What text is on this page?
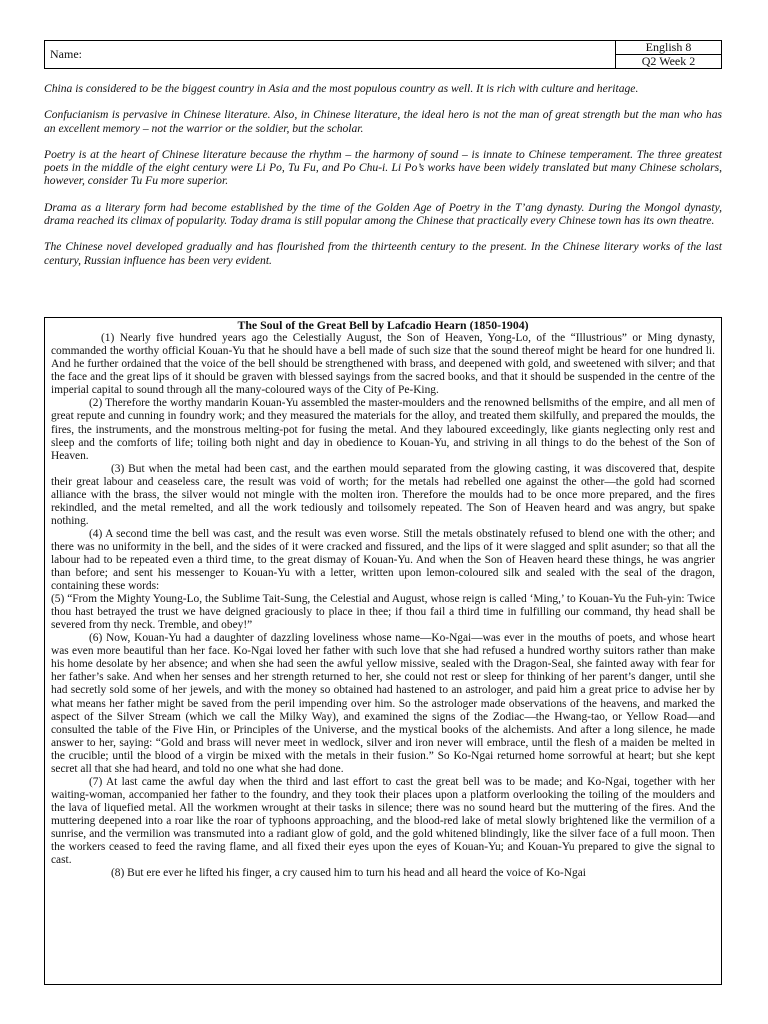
Name:	English 8
Q2 Week 2

China is considered to be the biggest country in Asia and the most populous country as well. It is rich with culture and heritage.

Confucianism is pervasive in Chinese literature. Also, in Chinese literature, the ideal hero is not the man of great strength but the man who has an excellent memory – not the warrior or the soldier, but the scholar.

Poetry is at the heart of Chinese literature because the rhythm – the harmony of sound – is innate to Chinese temperament. The three greatest poets in the middle of the eight century were Li Po, Tu Fu, and Po Chu-i. Li Po’s works have been widely translated but many Chinese scholars, however, consider Tu Fu more superior.

Drama as a literary form had become established by the time of the Golden Age of Poetry in the T’ang dynasty. During the Mongol dynasty, drama reached its climax of popularity. Today drama is still popular among the Chinese that practically every Chinese town has its own theatre.

The Chinese novel developed gradually and has flourished from the thirteenth century to the present. In the Chinese literary works of the last century, Russian influence has been very evident.

The Soul of the Great Bell by Lafcadio Hearn (1850-1904)

(1) Nearly five hundred years ago the Celestially August, the Son of Heaven, Yong-Lo, of the “Illustrious” or Ming dynasty, commanded the worthy official Kouan-Yu that he should have a bell made of such size that the sound thereof might be heard for one hundred li. And he further ordained that the voice of the bell should be strengthened with brass, and deepened with gold, and sweetened with silver; and that the face and the great lips of it should be graven with blessed sayings from the sacred books, and that it should be suspended in the centre of the imperial capital to sound through all the many-coloured ways of the City of Pe-King.

(2) Therefore the worthy mandarin Kouan-Yu assembled the master-moulders and the renowned bellsmiths of the empire, and all men of great repute and cunning in foundry work; and they measured the materials for the alloy, and treated them skilfully, and prepared the moulds, the fires, the instruments, and the monstrous melting-pot for fusing the metal. And they laboured exceedingly, like giants neglecting only rest and sleep and the comforts of life; toiling both night and day in obedience to Kouan-Yu, and striving in all things to do the behest of the Son of Heaven.

(3) But when the metal had been cast, and the earthen mould separated from the glowing casting, it was discovered that, despite their great labour and ceaseless care, the result was void of worth; for the metals had rebelled one against the other—the gold had scorned alliance with the brass, the silver would not mingle with the molten iron. Therefore the moulds had to be once more prepared, and the fires rekindled, and the metal remelted, and all the work tediously and toilsomely repeated. The Son of Heaven heard and was angry, but spake nothing.

(4) A second time the bell was cast, and the result was even worse. Still the metals obstinately refused to blend one with the other; and there was no uniformity in the bell, and the sides of it were cracked and fissured, and the lips of it were slagged and split asunder; so that all the labour had to be repeated even a third time, to the great dismay of Kouan-Yu. And when the Son of Heaven heard these things, he was angrier than before; and sent his messenger to Kouan-Yu with a letter, written upon lemon-coloured silk and sealed with the seal of the dragon, containing these words:

(5) “From the Mighty Young-Lo, the Sublime Tait-Sung, the Celestial and August, whose reign is called ‘Ming,’ to Kouan-Yu the Fuh-yin: Twice thou hast betrayed the trust we have deigned graciously to place in thee; if thou fail a third time in fulfilling our command, thy head shall be severed from thy neck. Tremble, and obey!”

(6) Now, Kouan-Yu had a daughter of dazzling loveliness whose name—Ko-Ngai—was ever in the mouths of poets, and whose heart was even more beautiful than her face. Ko-Ngai loved her father with such love that she had refused a hundred worthy suitors rather than make his home desolate by her absence; and when she had seen the awful yellow missive, sealed with the Dragon-Seal, she fainted away with fear for her father’s sake. And when her senses and her strength returned to her, she could not rest or sleep for thinking of her parent’s danger, until she had secretly sold some of her jewels, and with the money so obtained had hastened to an astrologer, and paid him a great price to advise her by what means her father might be saved from the peril impending over him. So the astrologer made observations of the heavens, and marked the aspect of the Silver Stream (which we call the Milky Way), and examined the signs of the Zodiac—the Hwang-tao, or Yellow Road—and consulted the table of the Five Hin, or Principles of the Universe, and the mystical books of the alchemists. And after a long silence, he made answer to her, saying: “Gold and brass will never meet in wedlock, silver and iron never will embrace, until the flesh of a maiden be melted in the crucible; until the blood of a virgin be mixed with the metals in their fusion.” So Ko-Ngai returned home sorrowful at heart; but she kept secret all that she had heard, and told no one what she had done.

(7) At last came the awful day when the third and last effort to cast the great bell was to be made; and Ko-Ngai, together with her waiting-woman, accompanied her father to the foundry, and they took their places upon a platform overlooking the toiling of the moulders and the lava of liquefied metal. All the workmen wrought at their tasks in silence; there was no sound heard but the muttering of the fires. And the muttering deepened into a roar like the roar of typhoons approaching, and the blood-red lake of metal slowly brightened like the vermilion of a sunrise, and the vermilion was transmuted into a radiant glow of gold, and the gold whitened blindingly, like the silver face of a full moon. Then the workers ceased to feed the raving flame, and all fixed their eyes upon the eyes of Kouan-Yu; and Kouan-Yu prepared to give the signal to cast.

(8) But ere ever he lifted his finger, a cry caused him to turn his head and all heard the voice of Ko-Ngai
